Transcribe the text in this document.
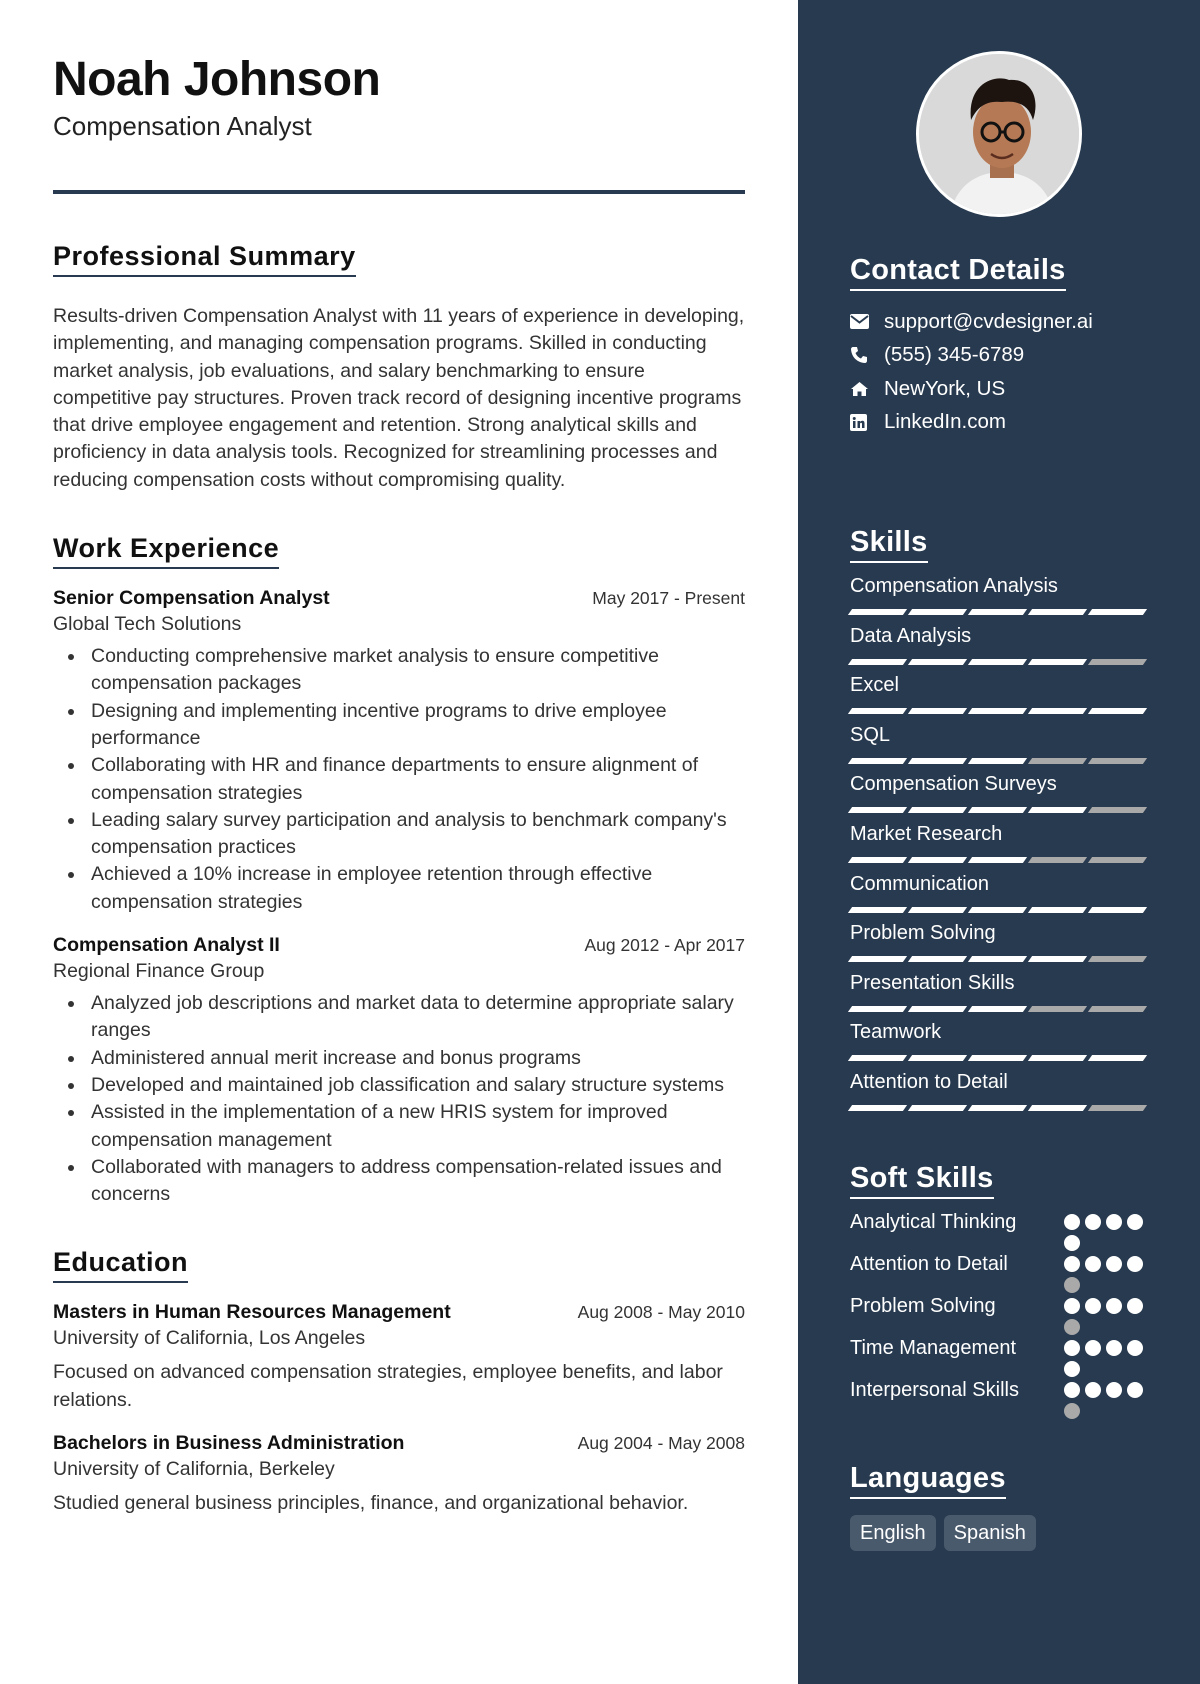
Noah Johnson
Compensation Analyst
Professional Summary
Results-driven Compensation Analyst with 11 years of experience in developing, implementing, and managing compensation programs. Skilled in conducting market analysis, job evaluations, and salary benchmarking to ensure competitive pay structures. Proven track record of designing incentive programs that drive employee engagement and retention. Strong analytical skills and proficiency in data analysis tools. Recognized for streamlining processes and reducing compensation costs without compromising quality.
Work Experience
Senior Compensation Analyst	May 2017 - Present
Global Tech Solutions
Conducting comprehensive market analysis to ensure competitive compensation packages
Designing and implementing incentive programs to drive employee performance
Collaborating with HR and finance departments to ensure alignment of compensation strategies
Leading salary survey participation and analysis to benchmark company's compensation practices
Achieved a 10% increase in employee retention through effective compensation strategies
Compensation Analyst II	Aug 2012 - Apr 2017
Regional Finance Group
Analyzed job descriptions and market data to determine appropriate salary ranges
Administered annual merit increase and bonus programs
Developed and maintained job classification and salary structure systems
Assisted in the implementation of a new HRIS system for improved compensation management
Collaborated with managers to address compensation-related issues and concerns
Education
Masters in Human Resources Management	Aug 2008 - May 2010
University of California, Los Angeles
Focused on advanced compensation strategies, employee benefits, and labor relations.
Bachelors in Business Administration	Aug 2004 - May 2008
University of California, Berkeley
Studied general business principles, finance, and organizational behavior.
Contact Details
support@cvdesigner.ai
(555) 345-6789
NewYork, US
LinkedIn.com
Skills
Compensation Analysis
Data Analysis
Excel
SQL
Compensation Surveys
Market Research
Communication
Problem Solving
Presentation Skills
Teamwork
Attention to Detail
Soft Skills
Analytical Thinking
Attention to Detail
Problem Solving
Time Management
Interpersonal Skills
Languages
English	Spanish
